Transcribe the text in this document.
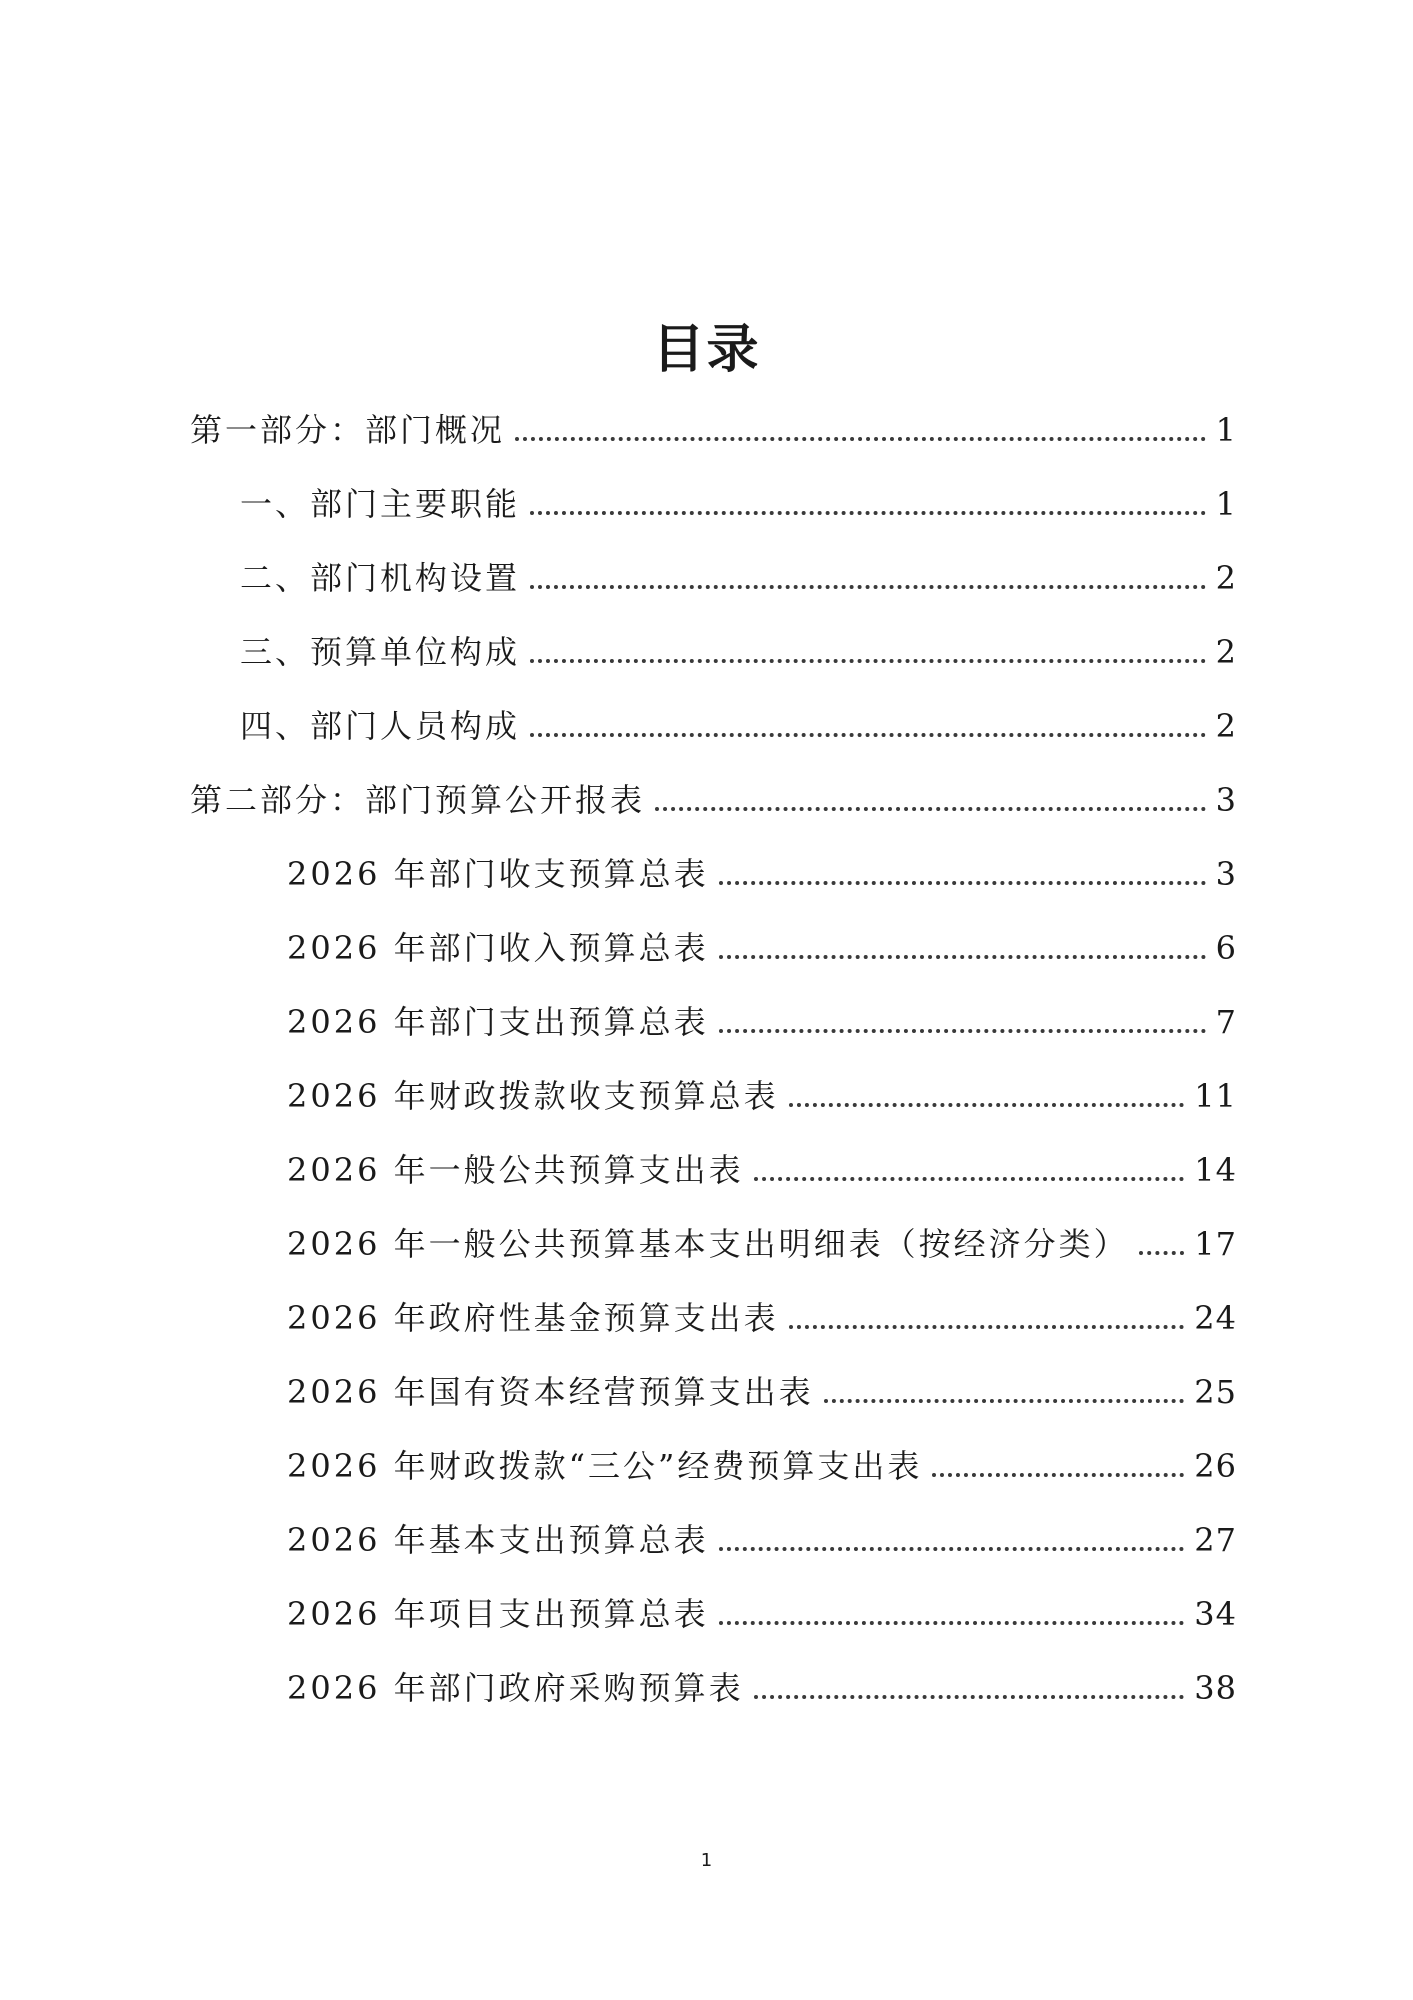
目录
第一部分：部门概况	1
一、部门主要职能	1
二、部门机构设置	2
三、预算单位构成	2
四、部门人员构成	2
第二部分：部门预算公开报表	3
2026 年部门收支预算总表	3
2026 年部门收入预算总表	6
2026 年部门支出预算总表	7
2026 年财政拨款收支预算总表	11
2026 年一般公共预算支出表	14
2026 年一般公共预算基本支出明细表（按经济分类） 17
2026 年政府性基金预算支出表	24
2026 年国有资本经营预算支出表	25
2026 年财政拨款“三公”经费预算支出表	26
2026 年基本支出预算总表	27
2026 年项目支出预算总表	34
2026 年部门政府采购预算表	38
1
